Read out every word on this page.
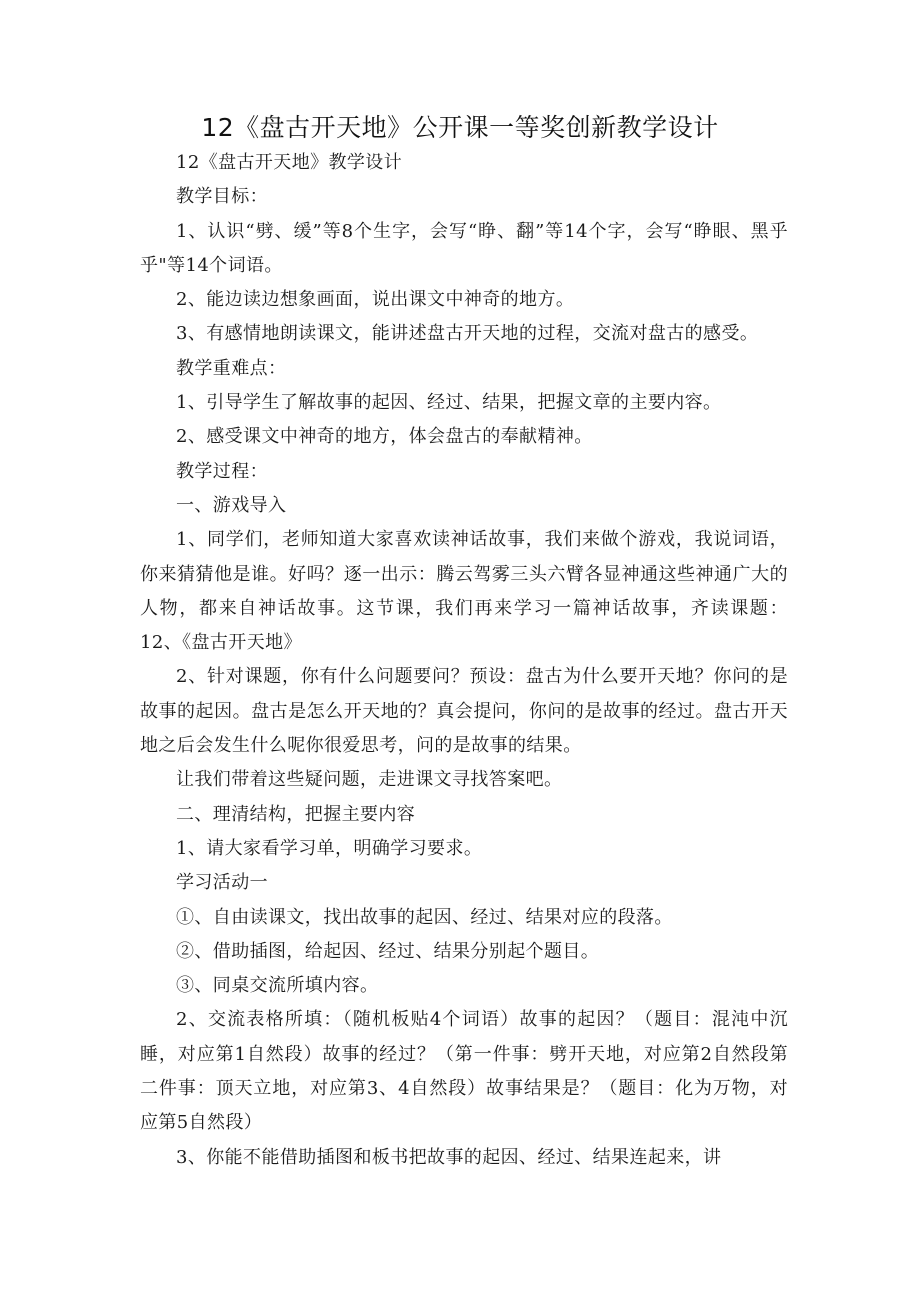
12《盘古开天地》公开课一等奖创新教学设计

12《盘古开天地》教学设计

教学目标：

1、认识“劈、缓”等8个生字，会写“睁、翻”等14个字，会写“睁眼、黑乎乎"等14个词语。

2、能边读边想象画面，说出课文中神奇的地方。

3、有感情地朗读课文，能讲述盘古开天地的过程，交流对盘古的感受。

教学重难点：

1、引导学生了解故事的起因、经过、结果，把握文章的主要内容。

2、感受课文中神奇的地方，体会盘古的奉献精神。

教学过程：

一、游戏导入

1、同学们，老师知道大家喜欢读神话故事，我们来做个游戏，我说词语，你来猜猜他是谁。好吗？逐一出示：腾云驾雾三头六臂各显神通这些神通广大的人物，都来自神话故事。这节课，我们再来学习一篇神话故事，齐读课题：12、《盘古开天地》

2、针对课题，你有什么问题要问？预设：盘古为什么要开天地？你问的是故事的起因。盘古是怎么开天地的？真会提问，你问的是故事的经过。盘古开天地之后会发生什么呢你很爱思考，问的是故事的结果。

让我们带着这些疑问题，走进课文寻找答案吧。

二、理清结构，把握主要内容

1、请大家看学习单，明确学习要求。

学习活动一

①、自由读课文，找出故事的起因、经过、结果对应的段落。

②、借助插图，给起因、经过、结果分别起个题目。

③、同桌交流所填内容。

2、交流表格所填：（随机板贴4个词语）故事的起因？（题目：混沌中沉睡，对应第1自然段）故事的经过？（第一件事：劈开天地，对应第2自然段第二件事：顶天立地，对应第3、4自然段）故事结果是？（题目：化为万物，对应第5自然段）

3、你能不能借助插图和板书把故事的起因、经过、结果连起来，讲
